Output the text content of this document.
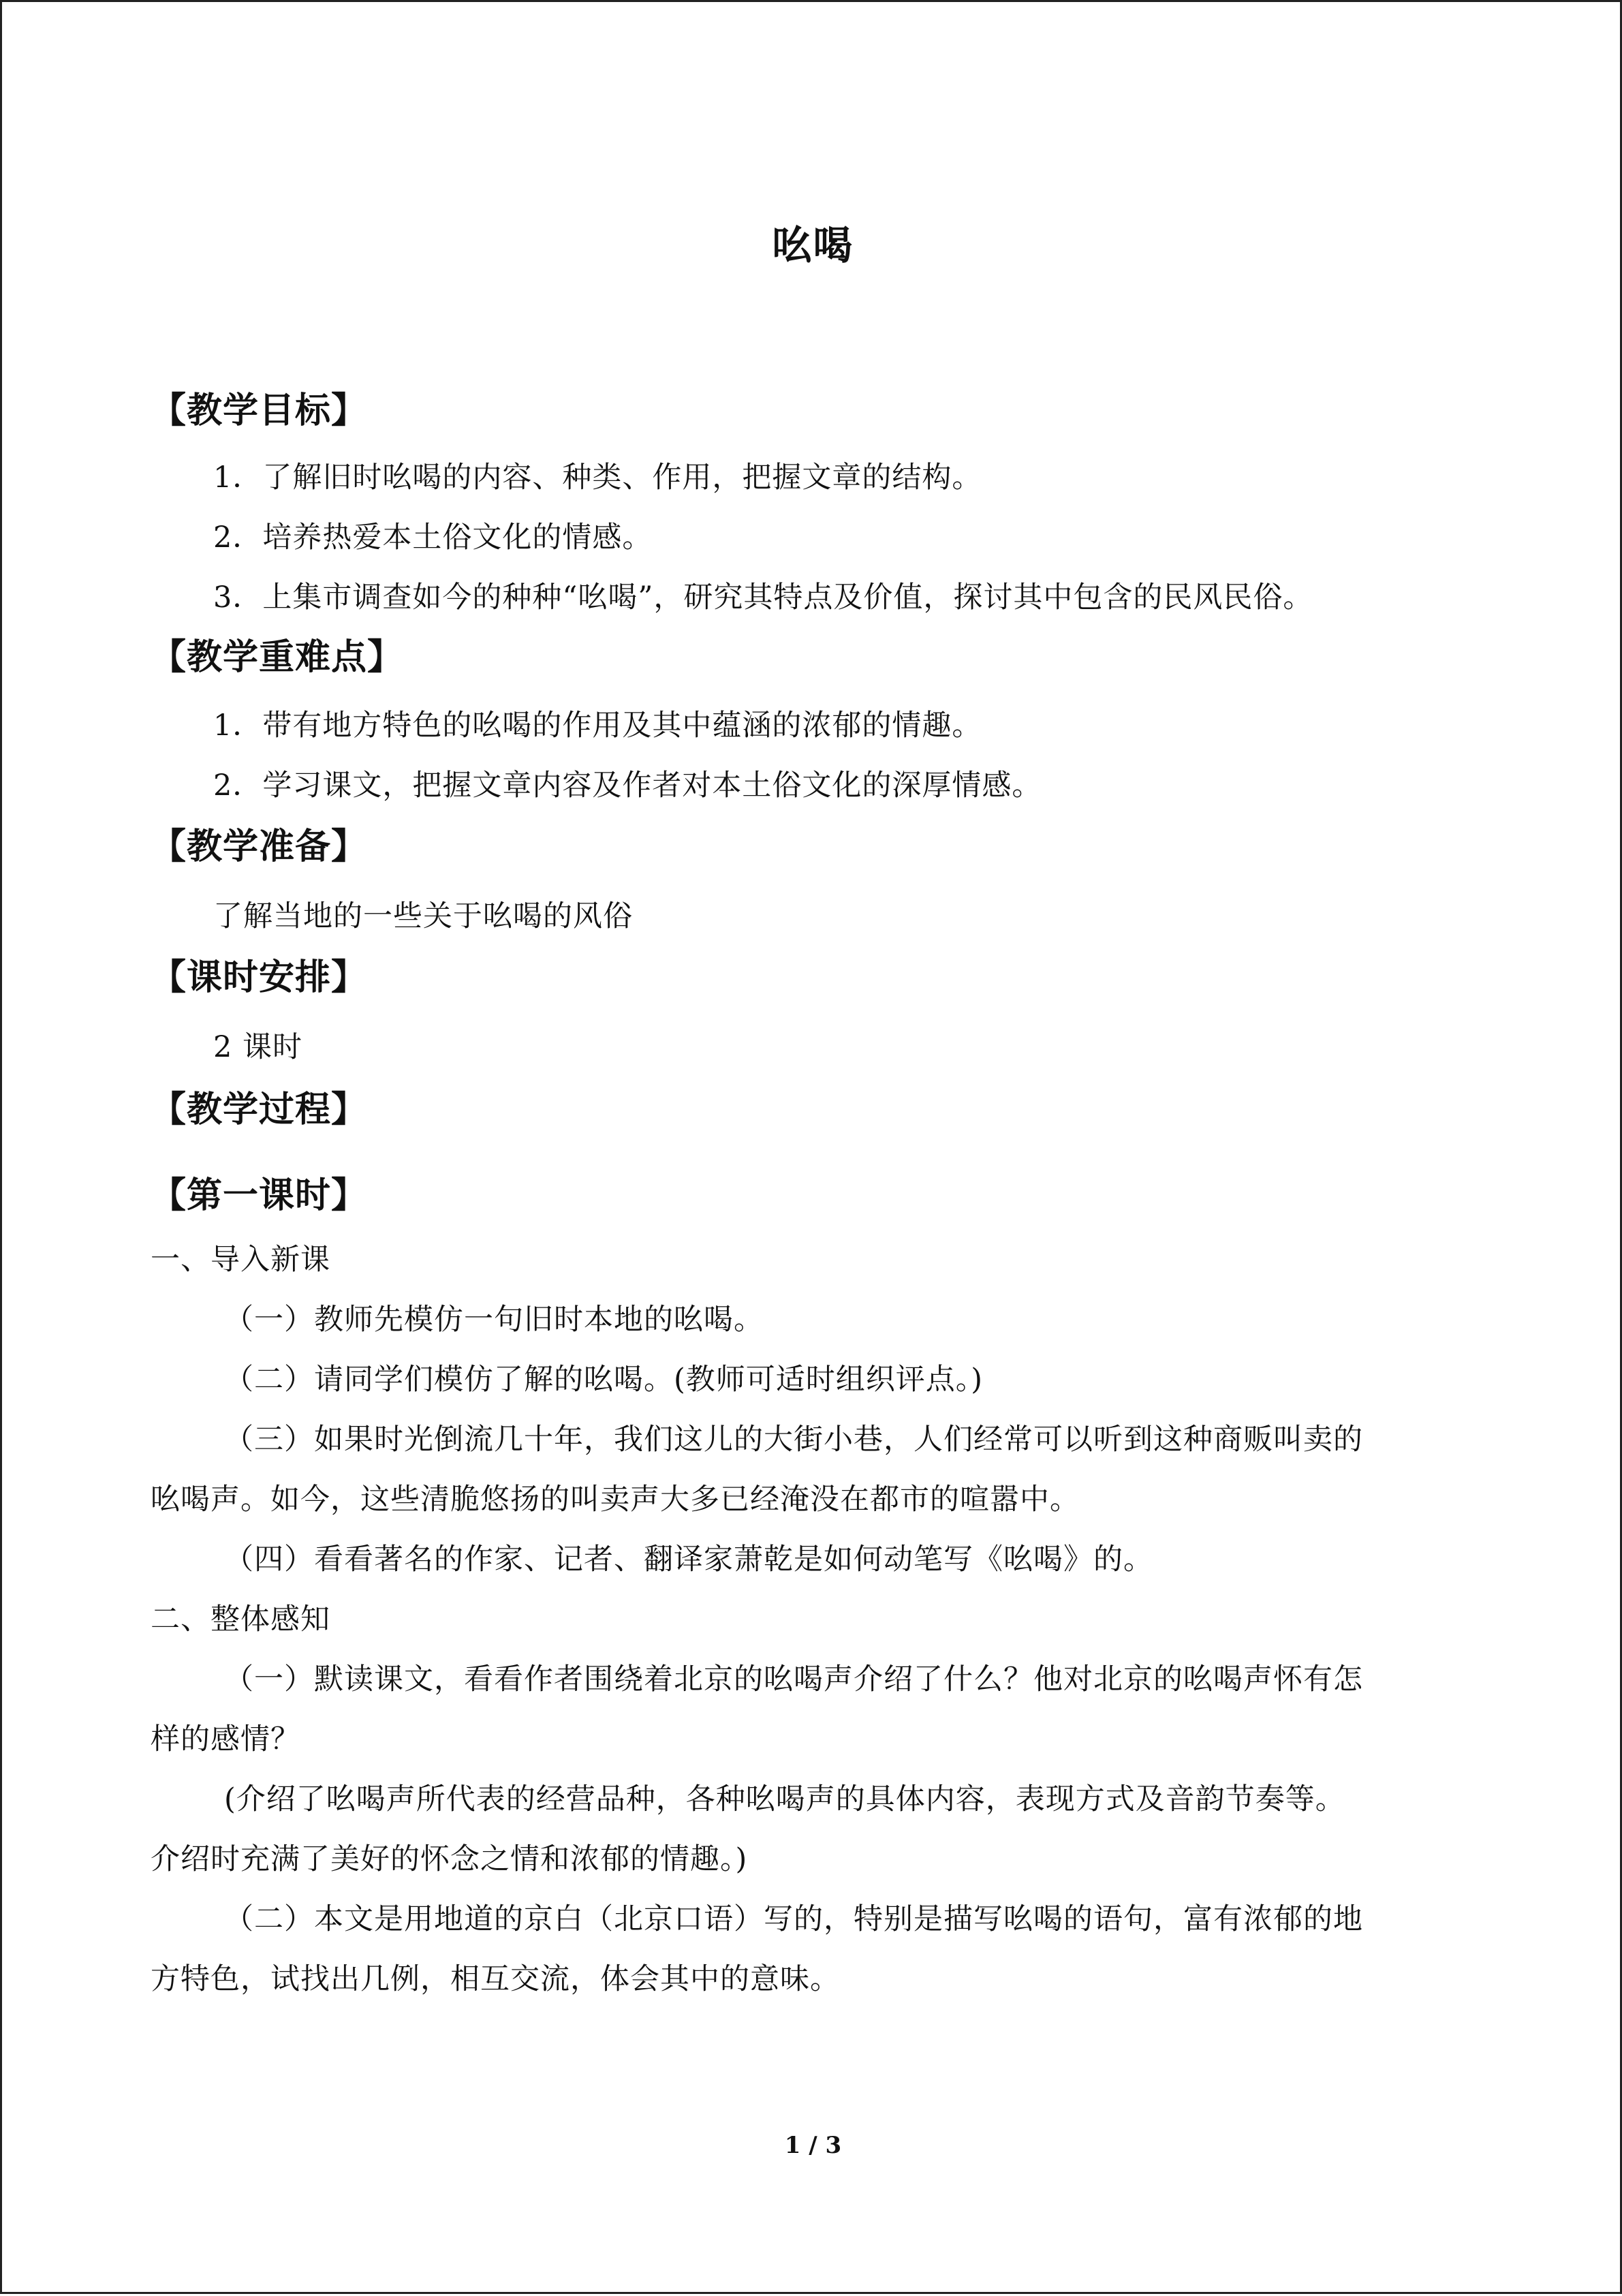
吆喝
【教学目标】
1．了解旧时吆喝的内容、种类、作用，把握文章的结构。
2．培养热爱本土俗文化的情感。
3．上集市调查如今的种种“吆喝”，研究其特点及价值，探讨其中包含的民风民俗。
【教学重难点】
1．带有地方特色的吆喝的作用及其中蕴涵的浓郁的情趣。
2．学习课文，把握文章内容及作者对本土俗文化的深厚情感。
【教学准备】
了解当地的一些关于吆喝的风俗
【课时安排】
2 课时
【教学过程】
【第一课时】
一、导入新课
（一）教师先模仿一句旧时本地的吆喝。
（二）请同学们模仿了解的吆喝。(教师可适时组织评点。)
（三）如果时光倒流几十年，我们这儿的大街小巷，人们经常可以听到这种商贩叫卖的
吆喝声。如今，这些清脆悠扬的叫卖声大多已经淹没在都市的喧嚣中。
（四）看看著名的作家、记者、翻译家萧乾是如何动笔写《吆喝》的。
二、整体感知
（一）默读课文，看看作者围绕着北京的吆喝声介绍了什么？他对北京的吆喝声怀有怎
样的感情？
(介绍了吆喝声所代表的经营品种，各种吆喝声的具体内容，表现方式及音韵节奏等。
介绍时充满了美好的怀念之情和浓郁的情趣。)
（二）本文是用地道的京白（北京口语）写的，特别是描写吆喝的语句，富有浓郁的地
方特色，试找出几例，相互交流，体会其中的意味。
1 / 3
